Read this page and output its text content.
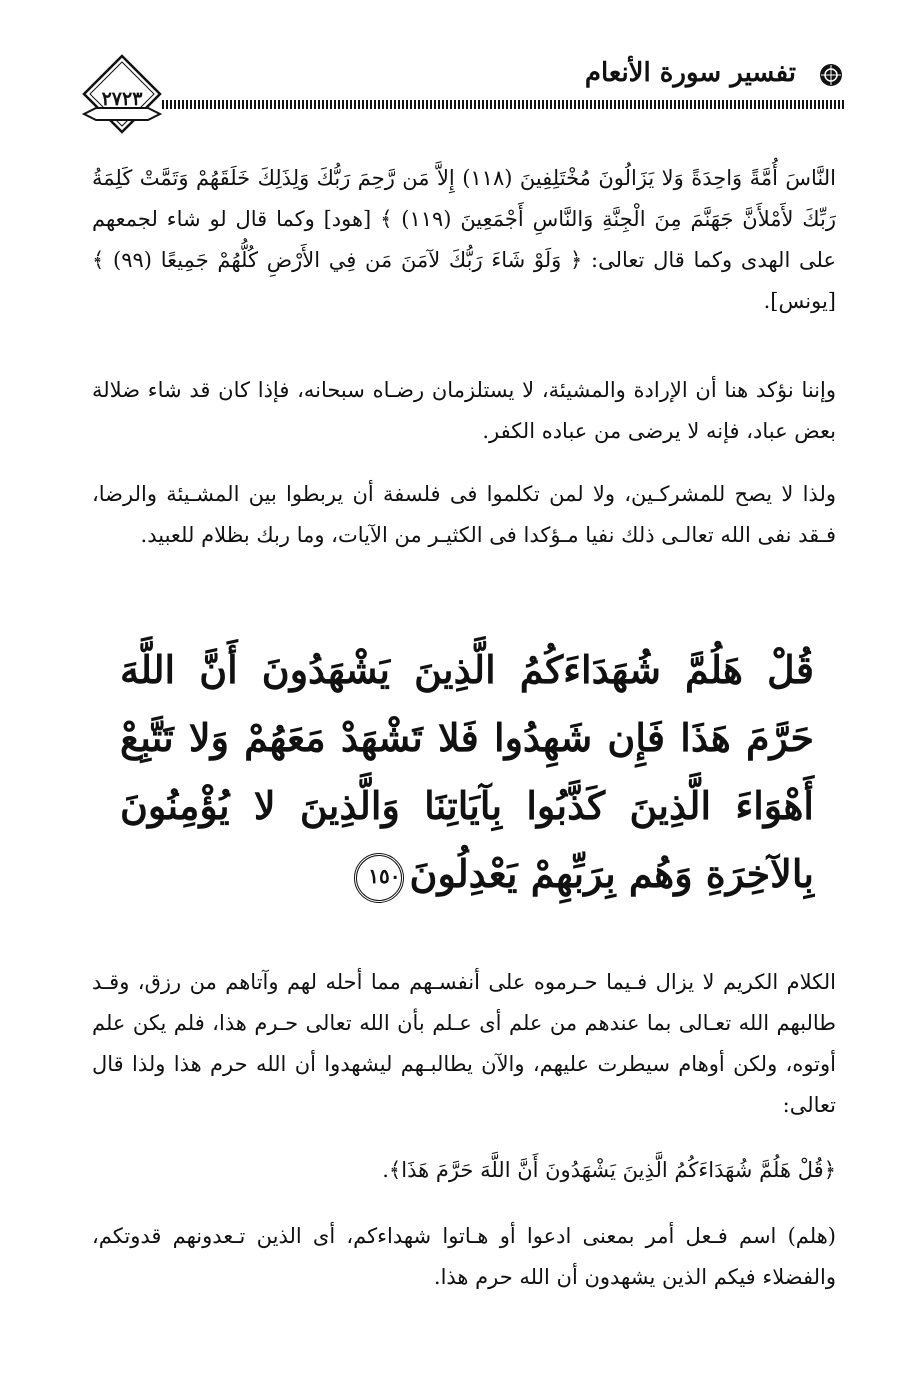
تفسير سورة الأنعام
٢٧٢٣

النَّاسَ أُمَّةً وَاحِدَةً وَلا يَزَالُونَ مُخْتَلِفِينَ (١١٨) إِلاَّ مَن رَّحِمَ رَبُّكَ وَلِذَلِكَ خَلَقَهُمْ وَتَمَّتْ كَلِمَةُ رَبِّكَ لأَمْلأَنَّ جَهَنَّمَ مِنَ الْجِنَّةِ وَالنَّاسِ أَجْمَعِينَ (١١٩) ﴾ [هود] وكما قال لو شاء لجمعهم على الهدى وكما قال تعالى: ﴿ وَلَوْ شَاءَ رَبُّكَ لآمَنَ مَن فِي الأَرْضِ كُلُّهُمْ جَمِيعًا (٩٩) ﴾ [يونس].

وإننا نؤكد هنا أن الإرادة والمشيئة، لا يستلزمان رضـاه سبحانه، فإذا كان قد شاء ضلالة بعض عباد، فإنه لا يرضى من عباده الكفر.

ولذا لا يصح للمشركـين، ولا لمن تكلموا فى فلسفة أن يربطوا بين المشـيئة والرضا، فـقد نفى الله تعالـى ذلك نفيا مـؤكدا فى الكثيـر من الآيات، وما ربك بظلام للعبيد.

قُلْ هَلُمَّ شُهَدَاءَكُمُ الَّذِينَ يَشْهَدُونَ أَنَّ اللَّهَ حَرَّمَ هَذَا فَإِن شَهِدُوا فَلا تَشْهَدْ مَعَهُمْ وَلا تَتَّبِعْ أَهْوَاءَ الَّذِينَ كَذَّبُوا بِآيَاتِنَا وَالَّذِينَ لا يُؤْمِنُونَ بِالآخِرَةِ وَهُم بِرَبِّهِمْ يَعْدِلُونَ١٥٠

الكلام الكريم لا يزال فـيما حـرموه على أنفسـهم مما أحله لهم وآتاهم من رزق، وقـد طالبهم الله تعـالى بما عندهم من علم أى عـلم بأن الله تعالى حـرم هذا، فلم يكن علم أوتوه، ولكن أوهام سيطرت عليهم، والآن يطالبـهم ليشهدوا أن الله حرم هذا ولذا قال تعالى:

﴿قُلْ هَلُمَّ شُهَدَاءَكُمُ الَّذِينَ يَشْهَدُونَ أَنَّ اللَّهَ حَرَّمَ هَذَا﴾.

(هلم) اسم فـعل أمر بمعنى ادعوا أو هـاتوا شهداءكم، أى الذين تـعدونهم قدوتكم، والفضلاء فيكم الذين يشهدون أن الله حرم هذا.
